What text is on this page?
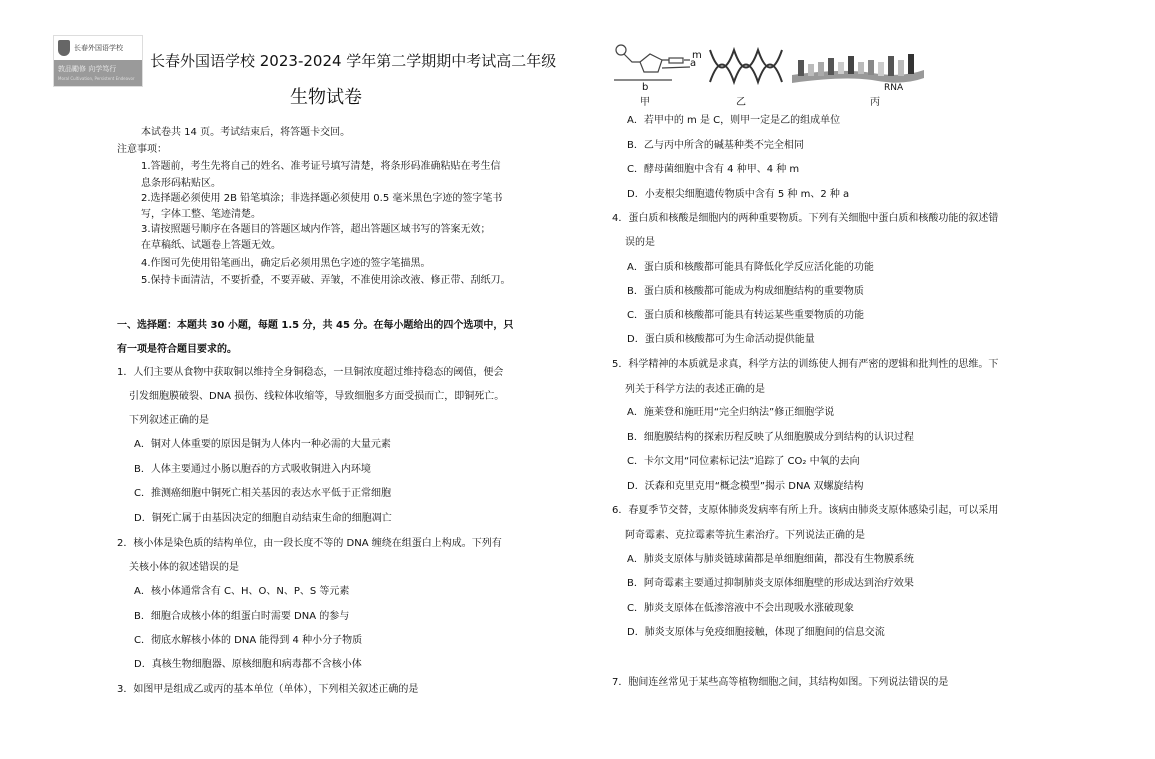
长春外国语学校
敦品勵修 向学笃行
Moral Cultivation, Persistent Endeavor
长春外国语学校 2023-2024 学年第二学期期中考试高二年级
生物试卷
本试卷共 14 页。考试结束后，将答题卡交回。
注意事项：
1.答题前，考生先将自己的姓名、准考证号填写清楚，将条形码准确粘贴在考生信
息条形码粘贴区。
2.选择题必须使用 2B 铅笔填涂；非选择题必须使用 0.5 毫米黑色字迹的签字笔书
写，字体工整、笔迹清楚。
3.请按照题号顺序在各题目的答题区域内作答，超出答题区域书写的答案无效；
在草稿纸、试题卷上答题无效。
4.作图可先使用铅笔画出，确定后必须用黑色字迹的签字笔描黑。
5.保持卡面清洁，不要折叠，不要弄破、弄皱，不准使用涂改液、修正带、刮纸刀。
一、选择题：本题共 30 小题，每题 1.5 分，共 45 分。在每小题给出的四个选项中，只
有一项是符合题目要求的。
1．人们主要从食物中获取铜以维持全身铜稳态，一旦铜浓度超过维持稳态的阈值，便会
引发细胞膜破裂、DNA 损伤、线粒体收缩等，导致细胞多方面受损而亡，即铜死亡。
下列叙述正确的是
A．铜对人体重要的原因是铜为人体内一种必需的大量元素
B．人体主要通过小肠以胞吞的方式吸收铜进入内环境
C．推测癌细胞中铜死亡相关基因的表达水平低于正常细胞
D．铜死亡属于由基因决定的细胞自动结束生命的细胞凋亡
2．核小体是染色质的结构单位，由一段长度不等的 DNA 缠绕在组蛋白上构成。下列有
关核小体的叙述错误的是
A．核小体通常含有 C、H、O、N、P、S 等元素
B．细胞合成核小体的组蛋白时需要 DNA 的参与
C．彻底水解核小体的 DNA 能得到 4 种小分子物质
D．真核生物细胞器、原核细胞和病毒都不含核小体
3．如图甲是组成乙或丙的基本单位（单体），下列相关叙述正确的是
m
a
b
甲	乙	丙
RNA
A．若甲中的 m 是 C，则甲一定是乙的组成单位
B．乙与丙中所含的碱基种类不完全相同
C．酵母菌细胞中含有 4 种甲、4 种 m
D．小麦根尖细胞遗传物质中含有 5 种 m、2 种 a
4．蛋白质和核酸是细胞内的两种重要物质。下列有关细胞中蛋白质和核酸功能的叙述错
误的是
A．蛋白质和核酸都可能具有降低化学反应活化能的功能
B．蛋白质和核酸都可能成为构成细胞结构的重要物质
C．蛋白质和核酸都可能具有转运某些重要物质的功能
D．蛋白质和核酸都可为生命活动提供能量
5．科学精神的本质就是求真，科学方法的训练使人拥有严密的逻辑和批判性的思维。下
列关于科学方法的表述正确的是
A．施莱登和施旺用“完全归纳法”修正细胞学说
B．细胞膜结构的探索历程反映了从细胞膜成分到结构的认识过程
C．卡尔文用“同位素标记法”追踪了 CO₂ 中氧的去向
D．沃森和克里克用“概念模型”揭示 DNA 双螺旋结构
6．春夏季节交替，支原体肺炎发病率有所上升。该病由肺炎支原体感染引起，可以采用
阿奇霉素、克拉霉素等抗生素治疗。下列说法正确的是
A．肺炎支原体与肺炎链球菌都是单细胞细菌，都没有生物膜系统
B．阿奇霉素主要通过抑制肺炎支原体细胞壁的形成达到治疗效果
C．肺炎支原体在低渗溶液中不会出现吸水涨破现象
D．肺炎支原体与免疫细胞接触，体现了细胞间的信息交流
7．胞间连丝常见于某些高等植物细胞之间，其结构如图。下列说法错误的是
